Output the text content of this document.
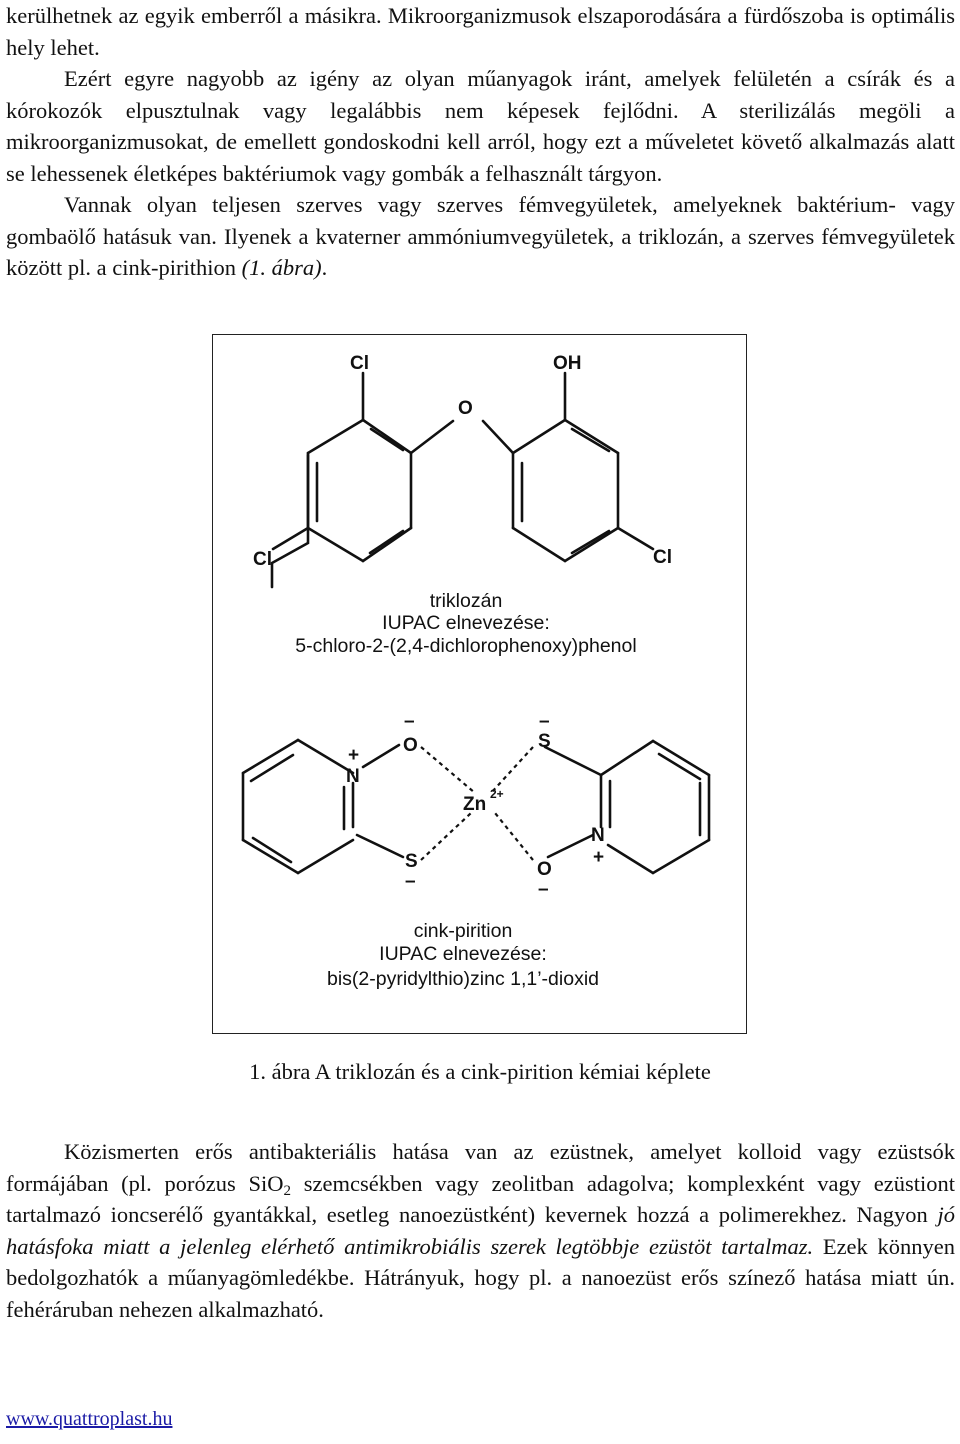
kerülhetnek az egyik emberről a másikra. Mikroorganizmusok elszaporodására a fürdőszoba is optimális hely lehet.
Ezért egyre nagyobb az igény az olyan műanyagok iránt, amelyek felületén a csírák és a kórokozók elpusztulnak vagy legalábbis nem képesek fejlődni. A sterilizálás megöli a mikroorganizmusokat, de emellett gondoskodni kell arról, hogy ezt a műveletet követő alkalmazás alatt se lehessenek életképes baktériumok vagy gombák a felhasznált tárgyon.
Vannak olyan teljesen szerves vagy szerves fémvegyületek, amelyeknek baktérium- vagy gombaölő hatásuk van. Ilyenek a kvaterner ammóniumvegyületek, a triklozán, a szerves fémvegyületek között pl. a cink-pirithion (1. ábra).
Cl	OH
O
Cl	Cl
triklozán
IUPAC elnevezése:
5-chloro-2-(2,4-dichlorophenoxy)phenol
O
N
S
S
N
O
Zn 2+
+
+
–
–
–
–
cink-pirition
IUPAC elnevezése:
bis(2-pyridylthio)zinc 1,1’-dioxid
1. ábra A triklozán és a cink-pirition kémiai képlete
Közismerten erős antibakteriális hatása van az ezüstnek, amelyet kolloid vagy ezüstsók formájában (pl. porózus SiO$_2$ szemcsékben vagy zeolitban adagolva; komplexként vagy ezüstiont tartalmazó ioncserélő gyantákkal, esetleg nanoezüstként) kevernek hozzá a polimerekhez. Nagyon jó hatásfoka miatt a jelenleg elérhető antimikrobiális szerek legtöbbje ezüstöt tartalmaz. Ezek könnyen bedolgozhatók a műanyagömledékbe. Hátrányuk, hogy pl. a nanoezüst erős színező hatása miatt ún. fehéráruban nehezen alkalmazható.
www.quattroplast.hu
